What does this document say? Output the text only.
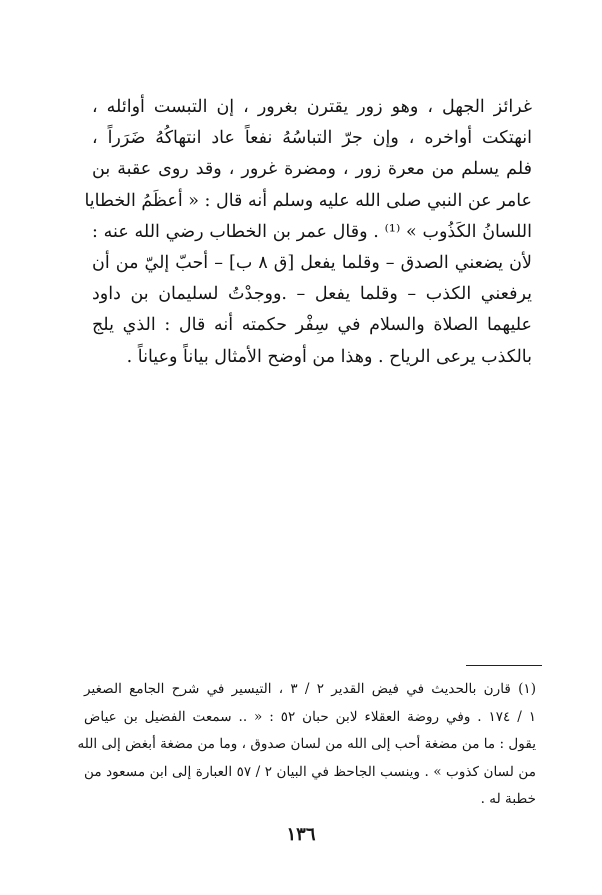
غرائز الجهل ، وهو زور يقترن بغرور ، إن التبست أوائله ،
انهتكت أواخره ، وإن جرّ التباسُهُ نفعاً عاد انتهاكُهُ ضَرَراً ،
فلم يسلم من معرة زور ، ومضرة غرور ، وقد روى عقبة بن
عامر عن النبي صلى الله عليه وسلم أنه قال : « أعظَمُ الخطايا
اللسانُ الكَذُوب » ⁽¹⁾ . وقال عمر بن الخطاب رضي الله عنه :
لأن يضعني الصدق – وقلما يفعل [ق ٨ ب] – أحبّ إليّ من أن
يرفعني الكذب – وقلما يفعل – .ووجدْتُ لسليمان بن داود
عليهما الصلاة والسلام في سِفْر حكمته أنه قال : الذي يلج
بالكذب يرعى الرياح . وهذا من أوضح الأمثال بياناً وعياناً .
(١) قارن بالحديث في فيض القدير ٢ / ٣ ، التيسير في شرح الجامع الصغير
١ / ١٧٤ . وفي روضة العقلاء لابن حبان ٥٢ : « .. سمعت الفضيل بن عياض
يقول : ما من مضغة أحب إلى الله من لسان صدوق ، وما من مضغة أبغض إلى الله
من لسان كذوب » . وينسب الجاحظ في البيان ٢ / ٥٧ العبارة إلى ابن مسعود من
خطبة له .
١٣٦
